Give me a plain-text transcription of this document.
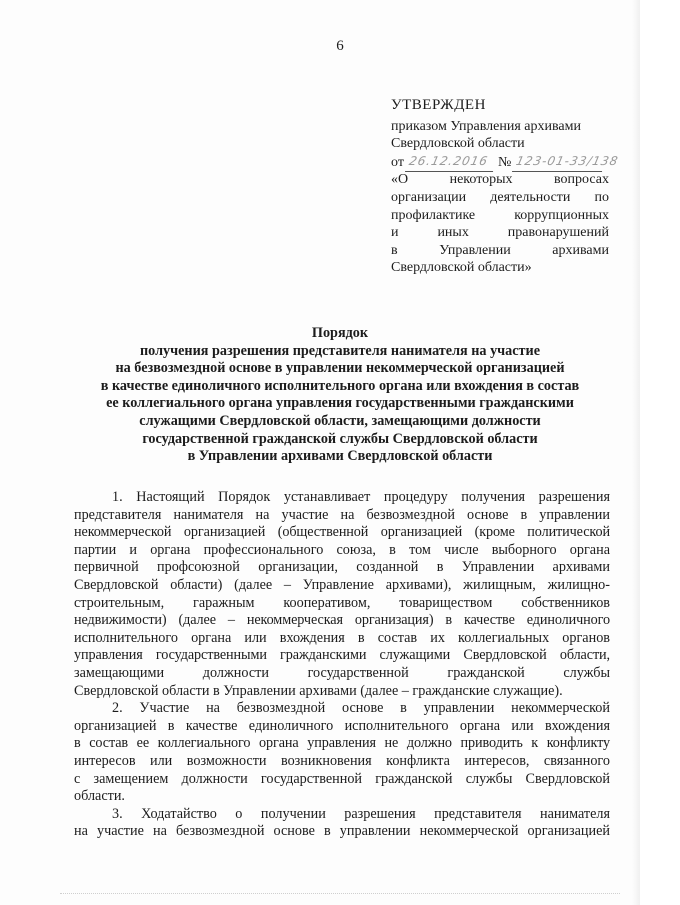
6
УТВЕРЖДЕН
приказом Управления архивами
Свердловской области
от 26.12.2016 № 123-01-33/138
«О некоторых вопросах
организации деятельности по
профилактике коррупционных
и иных правонарушений
в Управлении архивами
Свердловской области»
Порядок
получения разрешения представителя нанимателя на участие
на безвозмездной основе в управлении некоммерческой организацией
в качестве единоличного исполнительного органа или вхождения в состав
ее коллегиального органа управления государственными гражданскими
служащими Свердловской области, замещающими должности
государственной гражданской службы Свердловской области
в Управлении архивами Свердловской области
1. Настоящий Порядок устанавливает процедуру получения разрешения
представителя нанимателя на участие на безвозмездной основе в управлении
некоммерческой организацией (общественной организацией (кроме политической
партии и органа профессионального союза, в том числе выборного органа
первичной профсоюзной организации, созданной в Управлении архивами
Свердловской области) (далее – Управление архивами), жилищным, жилищно-
строительным, гаражным кооперативом, товариществом собственников
недвижимости) (далее – некоммерческая организация) в качестве единоличного
исполнительного органа или вхождения в состав их коллегиальных органов
управления государственными гражданскими служащими Свердловской области,
замещающими должности государственной гражданской службы
Свердловской области в Управлении архивами (далее – гражданские служащие).
2. Участие на безвозмездной основе в управлении некоммерческой
организацией в качестве единоличного исполнительного органа или вхождения
в состав ее коллегиального органа управления не должно приводить к конфликту
интересов или возможности возникновения конфликта интересов, связанного
с замещением должности государственной гражданской службы Свердловской
области.
3. Ходатайство о получении разрешения представителя нанимателя
на участие на безвозмездной основе в управлении некоммерческой организацией
